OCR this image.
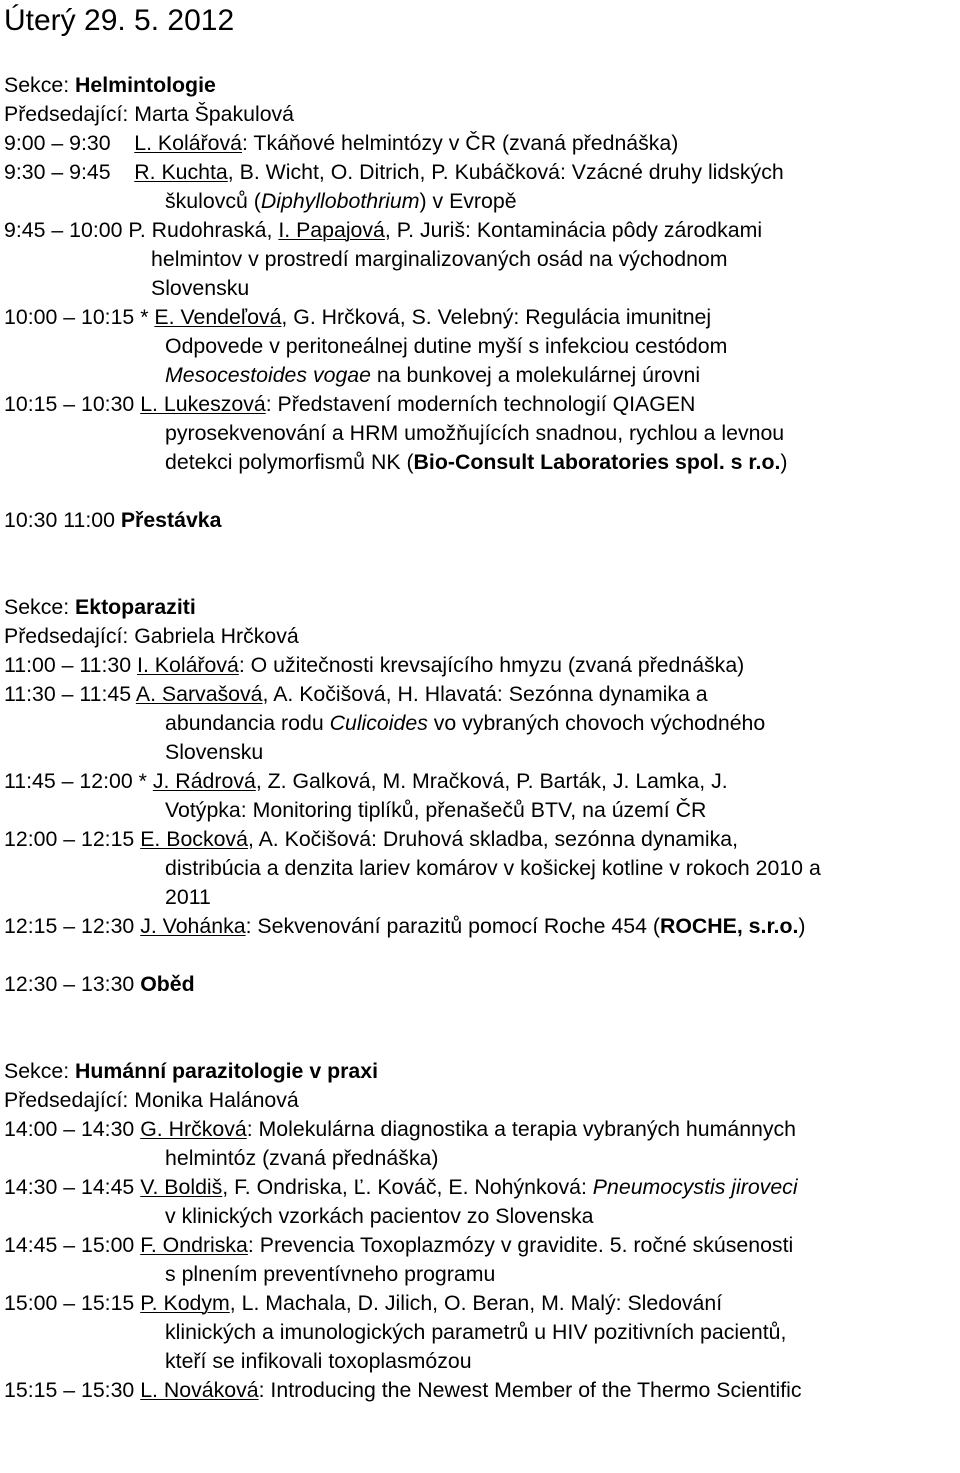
Úterý 29. 5. 2012
Sekce: Helmintologie
Předsedající: Marta Špakulová
9:00 – 9:30 L. Kolářová: Tkáňové helmintózy v ČR (zvaná přednáška)
9:30 – 9:45 R. Kuchta, B. Wicht, O. Ditrich, P. Kubáčková: Vzácné druhy lidských
škulovců (Diphyllobothrium) v Evropě
9:45 – 10:00 P. Rudohraská, I. Papajová, P. Juriš: Kontaminácia pôdy zárodkami
helmintov v prostredí marginalizovaných osád na východnom
Slovensku
10:00 – 10:15 * E. Vendeľová, G. Hrčková, S. Velebný: Regulácia imunitnej
Odpovede v peritoneálnej dutine myší s infekciou cestódom
Mesocestoides vogae na bunkovej a molekulárnej úrovni
10:15 – 10:30 L. Lukeszová: Představení moderních technologií QIAGEN
pyrosekvenování a HRM umožňujících snadnou, rychlou a levnou
detekci polymorfismů NK (Bio-Consult Laboratories spol. s r.o.)
10:30 11:00 Přestávka
Sekce: Ektoparaziti
Předsedající: Gabriela Hrčková
11:00 – 11:30 I. Kolářová: O užitečnosti krevsajícího hmyzu (zvaná přednáška)
11:30 – 11:45 A. Sarvašová, A. Kočišová, H. Hlavatá: Sezónna dynamika a
abundancia rodu Culicoides vo vybraných chovoch východného
Slovensku
11:45 – 12:00 * J. Rádrová, Z. Galková, M. Mračková, P. Barták, J. Lamka, J.
Votýpka: Monitoring tiplíků, přenašečů BTV, na území ČR
12:00 – 12:15 E. Bocková, A. Kočišová: Druhová skladba, sezónna dynamika,
distribúcia a denzita lariev komárov v košickej kotline v rokoch 2010 a
2011
12:15 – 12:30 J. Vohánka: Sekvenování parazitů pomocí Roche 454 (ROCHE, s.r.o.)
12:30 – 13:30 Oběd
Sekce: Humánní parazitologie v praxi
Předsedající: Monika Halánová
14:00 – 14:30 G. Hrčková: Molekulárna diagnostika a terapia vybraných humánnych
helmintóz (zvaná přednáška)
14:30 – 14:45 V. Boldiš, F. Ondriska, Ľ. Kováč, E. Nohýnková: Pneumocystis jiroveci
v klinických vzorkách pacientov zo Slovenska
14:45 – 15:00 F. Ondriska: Prevencia Toxoplazmózy v gravidite. 5. ročné skúsenosti
s plnením preventívneho programu
15:00 – 15:15 P. Kodym, L. Machala, D. Jilich, O. Beran, M. Malý: Sledování
klinických a imunologických parametrů u HIV pozitivních pacientů,
kteří se infikovali toxoplasmózou
15:15 – 15:30 L. Nováková: Introducing the Newest Member of the Thermo Scientific
